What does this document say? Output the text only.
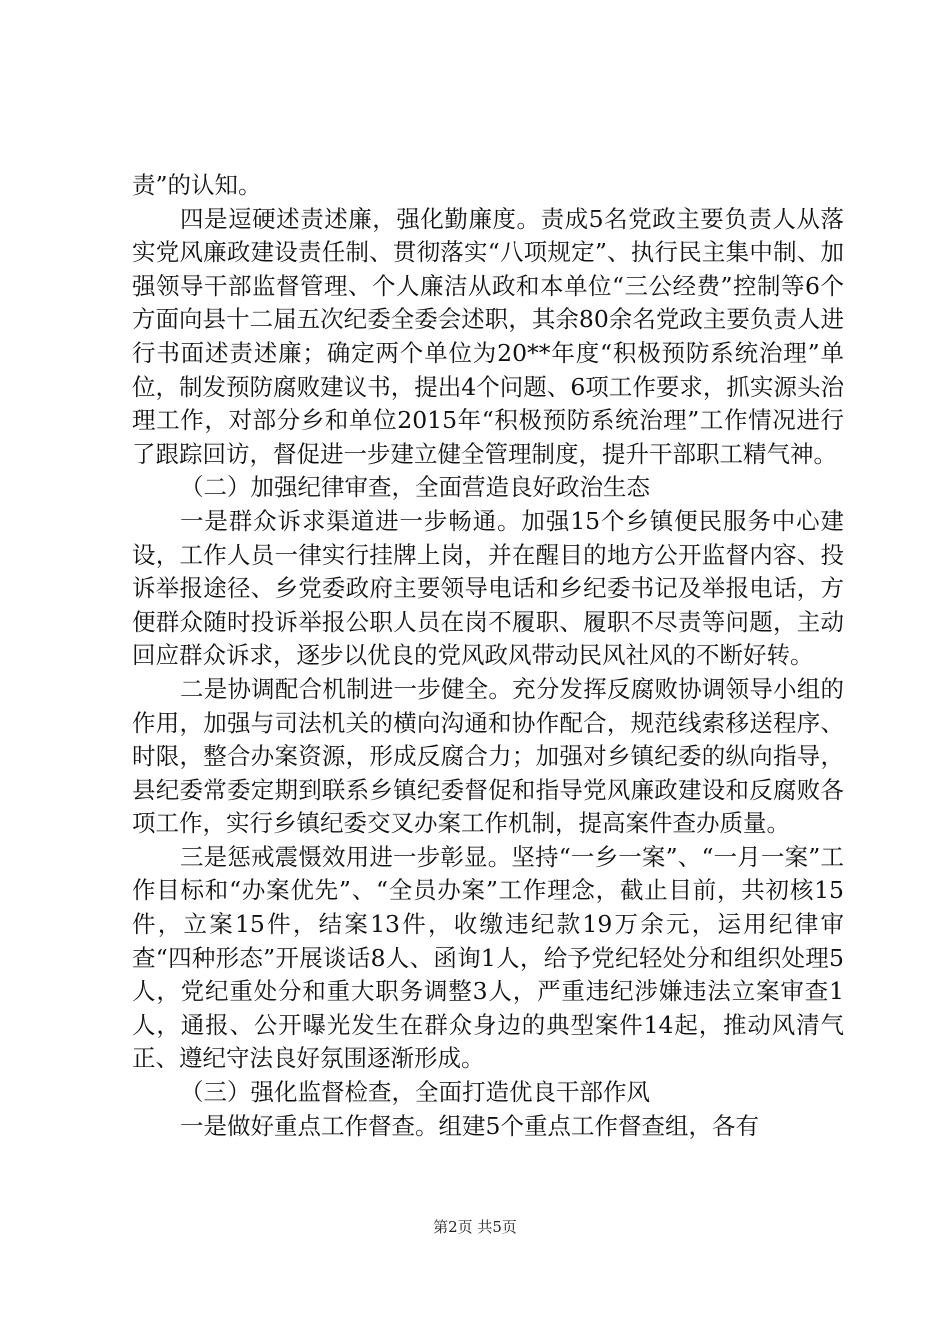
责”的认知。

四是逗硬述责述廉，强化勤廉度。责成5名党政主要负责人从落实党风廉政建设责任制、贯彻落实“八项规定”、执行民主集中制、加强领导干部监督管理、个人廉洁从政和本单位“三公经费”控制等6个方面向县十二届五次纪委全委会述职，其余80余名党政主要负责人进行书面述责述廉；确定两个单位为20**年度“积极预防系统治理”单位，制发预防腐败建议书，提出4个问题、6项工作要求，抓实源头治理工作，对部分乡和单位2015年“积极预防系统治理”工作情况进行了跟踪回访，督促进一步建立健全管理制度，提升干部职工精气神。

（二）加强纪律审查，全面营造良好政治生态

一是群众诉求渠道进一步畅通。加强15个乡镇便民服务中心建设，工作人员一律实行挂牌上岗，并在醒目的地方公开监督内容、投诉举报途径、乡党委政府主要领导电话和乡纪委书记及举报电话，方便群众随时投诉举报公职人员在岗不履职、履职不尽责等问题，主动回应群众诉求，逐步以优良的党风政风带动民风社风的不断好转。

二是协调配合机制进一步健全。充分发挥反腐败协调领导小组的作用，加强与司法机关的横向沟通和协作配合，规范线索移送程序、时限，整合办案资源，形成反腐合力；加强对乡镇纪委的纵向指导，县纪委常委定期到联系乡镇纪委督促和指导党风廉政建设和反腐败各项工作，实行乡镇纪委交叉办案工作机制，提高案件查办质量。

三是惩戒震慑效用进一步彰显。坚持“一乡一案”、“一月一案”工作目标和“办案优先”、“全员办案”工作理念，截止目前，共初核15件，立案15件，结案13件，收缴违纪款19万余元，运用纪律审查“四种形态”开展谈话8人、函询1人，给予党纪轻处分和组织处理5人，党纪重处分和重大职务调整3人，严重违纪涉嫌违法立案审查1人，通报、公开曝光发生在群众身边的典型案件14起，推动风清气正、遵纪守法良好氛围逐渐形成。

（三）强化监督检查，全面打造优良干部作风

一是做好重点工作督查。组建5个重点工作督查组，各有

第2页 共5页
